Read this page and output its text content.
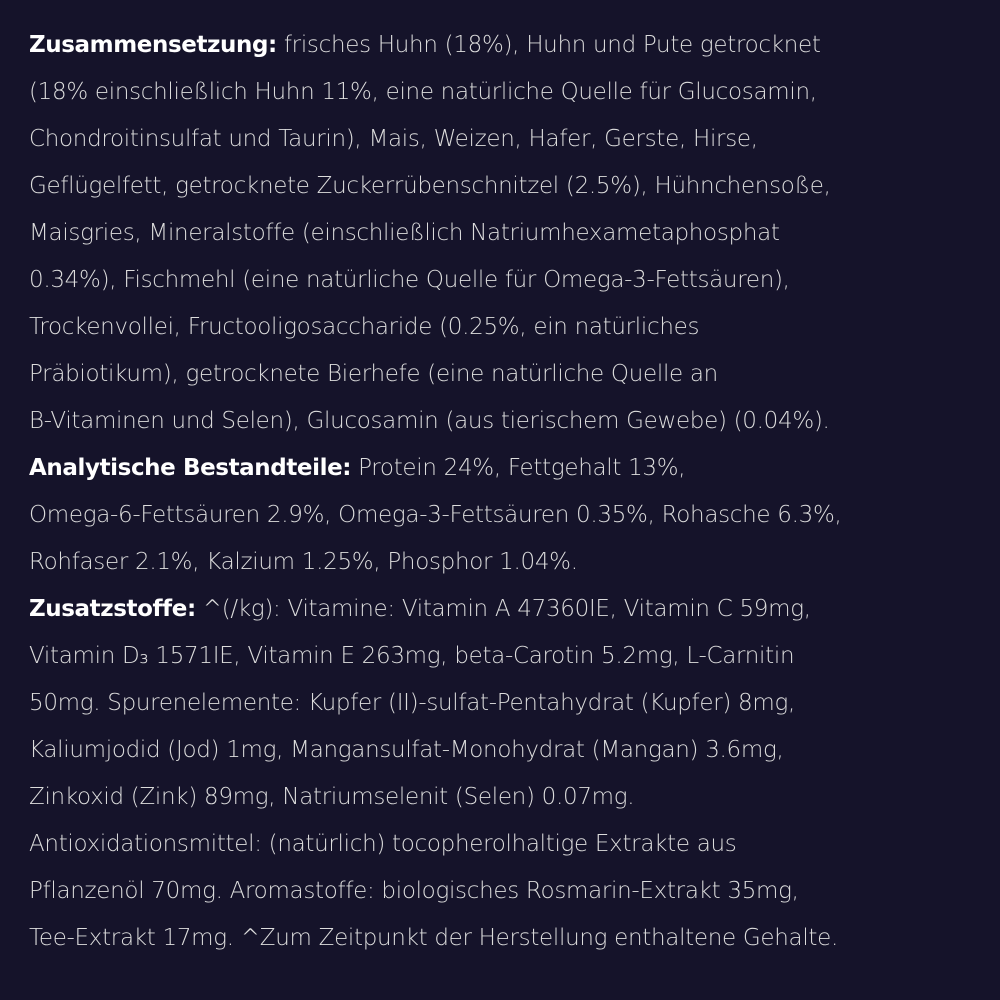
Zusammensetzung: frisches Huhn (18%), Huhn und Pute getrocknet
(18% einschließlich Huhn 11%, eine natürliche Quelle für Glucosamin,
Chondroitinsulfat und Taurin), Mais, Weizen, Hafer, Gerste, Hirse,
Geflügelfett, getrocknete Zuckerrübenschnitzel (2.5%), Hühnchensoße,
Maisgries, Mineralstoffe (einschließlich Natriumhexametaphosphat
0.34%), Fischmehl (eine natürliche Quelle für Omega-3-Fettsäuren),
Trockenvollei, Fructooligosaccharide (0.25%, ein natürliches
Präbiotikum), getrocknete Bierhefe (eine natürliche Quelle an
B-Vitaminen und Selen), Glucosamin (aus tierischem Gewebe) (0.04%).

Analytische Bestandteile: Protein 24%, Fettgehalt 13%,
Omega-6-Fettsäuren 2.9%, Omega-3-Fettsäuren 0.35%, Rohasche 6.3%,
Rohfaser 2.1%, Kalzium 1.25%, Phosphor 1.04%.

Zusatzstoffe: ^(/kg): Vitamine: Vitamin A 47360IE, Vitamin C 59mg,
Vitamin D₃ 1571IE, Vitamin E 263mg, beta-Carotin 5.2mg, L-Carnitin
50mg. Spurenelemente: Kupfer (II)-sulfat-Pentahydrat (Kupfer) 8mg,
Kaliumjodid (Jod) 1mg, Mangansulfat-Monohydrat (Mangan) 3.6mg,
Zinkoxid (Zink) 89mg, Natriumselenit (Selen) 0.07mg.
Antioxidationsmittel: (natürlich) tocopherolhaltige Extrakte aus
Pflanzenöl 70mg. Aromastoffe: biologisches Rosmarin-Extrakt 35mg,
Tee-Extrakt 17mg. ^Zum Zeitpunkt der Herstellung enthaltene Gehalte.
